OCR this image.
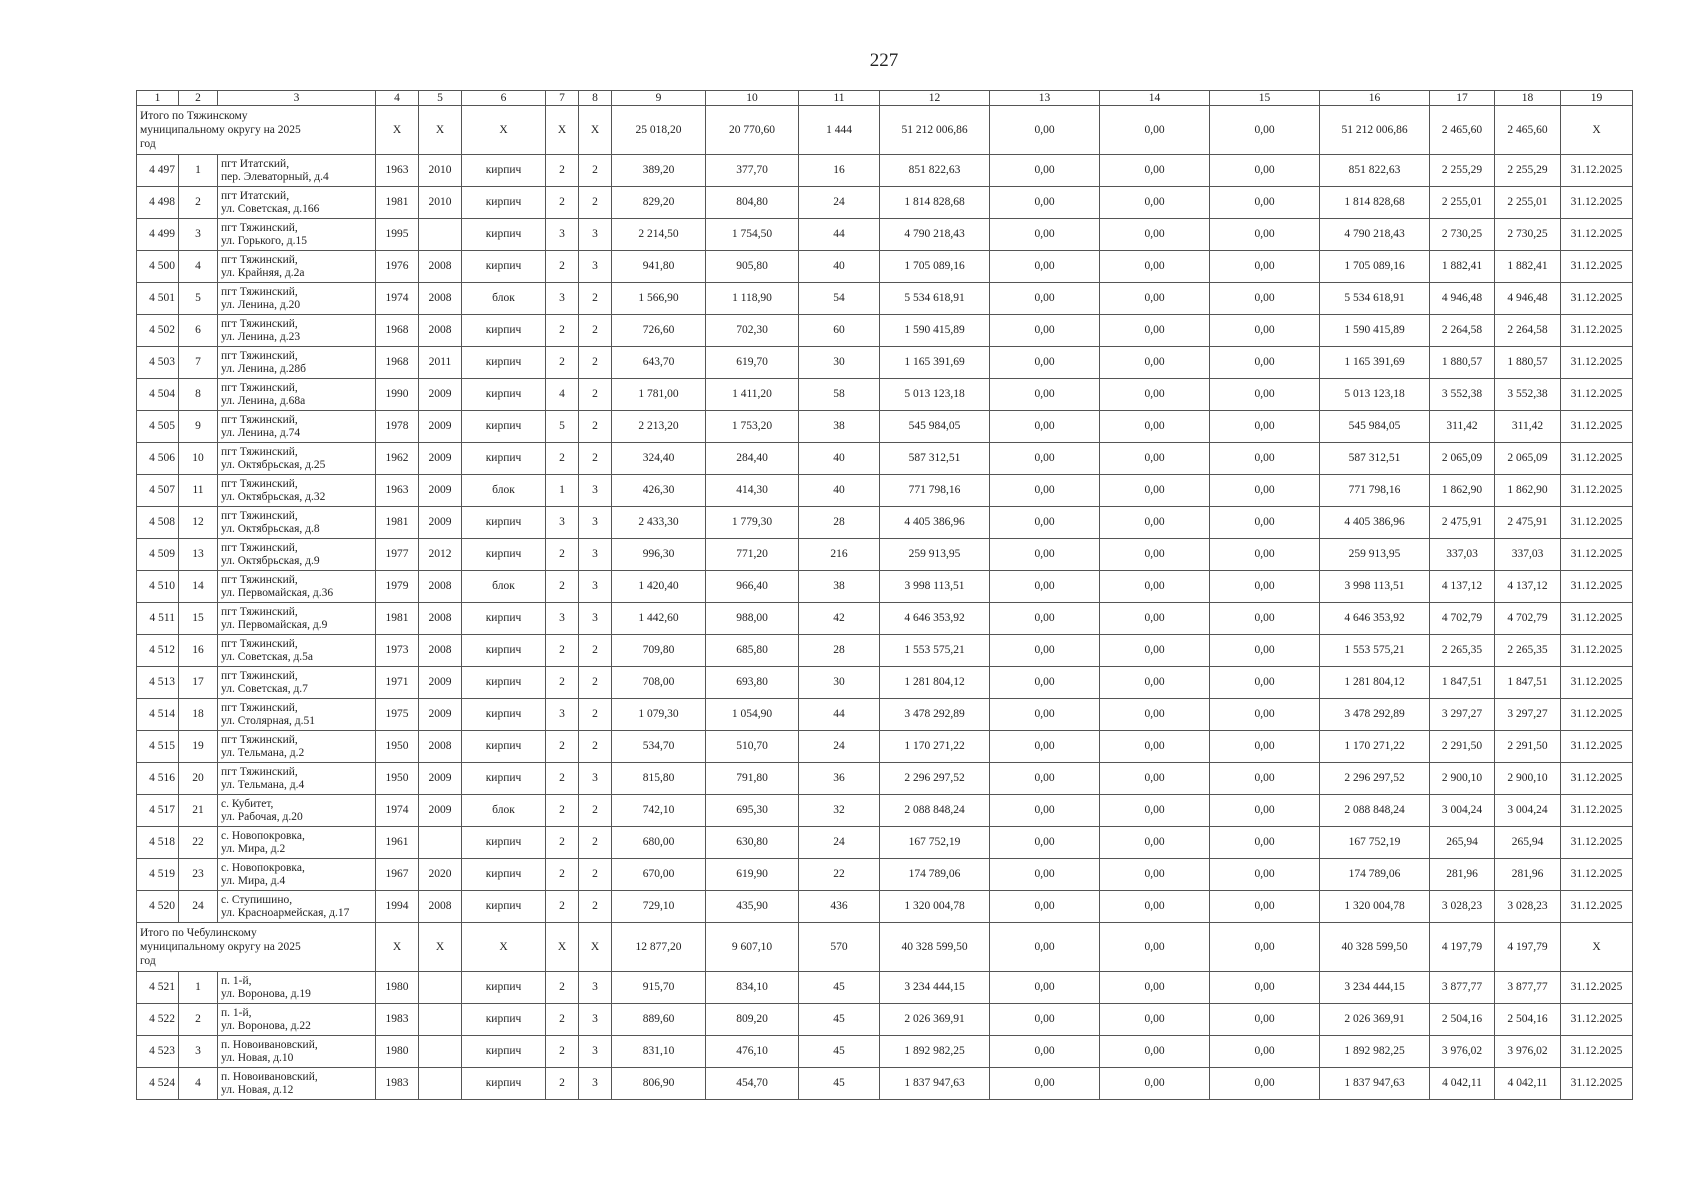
227
1	2	3	4	5	6	7	8	9	10	11	12	13	14	15	16	17	18	19

Итого по Тяжинскому
муниципальному округу на 2025
год			X	X	X	X	X	25 018,20	20 770,60	1 444	51 212 006,86	0,00	0,00	0,00	51 212 006,86	2 465,60	2 465,60	X
4 497	1	пгт Итатский,
пер. Элеваторный, д.4	1963	2010	кирпич	2	2	389,20	377,70	16	851 822,63	0,00	0,00	0,00	851 822,63	2 255,29	2 255,29	31.12.2025
4 498	2	пгт Итатский,
ул. Советская, д.166	1981	2010	кирпич	2	2	829,20	804,80	24	1 814 828,68	0,00	0,00	0,00	1 814 828,68	2 255,01	2 255,01	31.12.2025
4 499	3	пгт Тяжинский,
ул. Горького, д.15	1995		кирпич	3	3	2 214,50	1 754,50	44	4 790 218,43	0,00	0,00	0,00	4 790 218,43	2 730,25	2 730,25	31.12.2025
4 500	4	пгт Тяжинский,
ул. Крайняя, д.2а	1976	2008	кирпич	2	3	941,80	905,80	40	1 705 089,16	0,00	0,00	0,00	1 705 089,16	1 882,41	1 882,41	31.12.2025
4 501	5	пгт Тяжинский,
ул. Ленина, д.20	1974	2008	блок	3	2	1 566,90	1 118,90	54	5 534 618,91	0,00	0,00	0,00	5 534 618,91	4 946,48	4 946,48	31.12.2025
4 502	6	пгт Тяжинский,
ул. Ленина, д.23	1968	2008	кирпич	2	2	726,60	702,30	60	1 590 415,89	0,00	0,00	0,00	1 590 415,89	2 264,58	2 264,58	31.12.2025
4 503	7	пгт Тяжинский,
ул. Ленина, д.28б	1968	2011	кирпич	2	2	643,70	619,70	30	1 165 391,69	0,00	0,00	0,00	1 165 391,69	1 880,57	1 880,57	31.12.2025
4 504	8	пгт Тяжинский,
ул. Ленина, д.68а	1990	2009	кирпич	4	2	1 781,00	1 411,20	58	5 013 123,18	0,00	0,00	0,00	5 013 123,18	3 552,38	3 552,38	31.12.2025
4 505	9	пгт Тяжинский,
ул. Ленина, д.74	1978	2009	кирпич	5	2	2 213,20	1 753,20	38	545 984,05	0,00	0,00	0,00	545 984,05	311,42	311,42	31.12.2025
4 506	10	пгт Тяжинский,
ул. Октябрьская, д.25	1962	2009	кирпич	2	2	324,40	284,40	40	587 312,51	0,00	0,00	0,00	587 312,51	2 065,09	2 065,09	31.12.2025
4 507	11	пгт Тяжинский,
ул. Октябрьская, д.32	1963	2009	блок	1	3	426,30	414,30	40	771 798,16	0,00	0,00	0,00	771 798,16	1 862,90	1 862,90	31.12.2025
4 508	12	пгт Тяжинский,
ул. Октябрьская, д.8	1981	2009	кирпич	3	3	2 433,30	1 779,30	28	4 405 386,96	0,00	0,00	0,00	4 405 386,96	2 475,91	2 475,91	31.12.2025
4 509	13	пгт Тяжинский,
ул. Октябрьская, д.9	1977	2012	кирпич	2	3	996,30	771,20	216	259 913,95	0,00	0,00	0,00	259 913,95	337,03	337,03	31.12.2025
4 510	14	пгт Тяжинский,
ул. Первомайская, д.36	1979	2008	блок	2	3	1 420,40	966,40	38	3 998 113,51	0,00	0,00	0,00	3 998 113,51	4 137,12	4 137,12	31.12.2025
4 511	15	пгт Тяжинский,
ул. Первомайская, д.9	1981	2008	кирпич	3	3	1 442,60	988,00	42	4 646 353,92	0,00	0,00	0,00	4 646 353,92	4 702,79	4 702,79	31.12.2025
4 512	16	пгт Тяжинский,
ул. Советская, д.5а	1973	2008	кирпич	2	2	709,80	685,80	28	1 553 575,21	0,00	0,00	0,00	1 553 575,21	2 265,35	2 265,35	31.12.2025
4 513	17	пгт Тяжинский,
ул. Советская, д.7	1971	2009	кирпич	2	2	708,00	693,80	30	1 281 804,12	0,00	0,00	0,00	1 281 804,12	1 847,51	1 847,51	31.12.2025
4 514	18	пгт Тяжинский,
ул. Столярная, д.51	1975	2009	кирпич	3	2	1 079,30	1 054,90	44	3 478 292,89	0,00	0,00	0,00	3 478 292,89	3 297,27	3 297,27	31.12.2025
4 515	19	пгт Тяжинский,
ул. Тельмана, д.2	1950	2008	кирпич	2	2	534,70	510,70	24	1 170 271,22	0,00	0,00	0,00	1 170 271,22	2 291,50	2 291,50	31.12.2025
4 516	20	пгт Тяжинский,
ул. Тельмана, д.4	1950	2009	кирпич	2	3	815,80	791,80	36	2 296 297,52	0,00	0,00	0,00	2 296 297,52	2 900,10	2 900,10	31.12.2025
4 517	21	с. Кубитет,
ул. Рабочая, д.20	1974	2009	блок	2	2	742,10	695,30	32	2 088 848,24	0,00	0,00	0,00	2 088 848,24	3 004,24	3 004,24	31.12.2025
4 518	22	с. Новопокровка,
ул. Мира, д.2	1961		кирпич	2	2	680,00	630,80	24	167 752,19	0,00	0,00	0,00	167 752,19	265,94	265,94	31.12.2025
4 519	23	с. Новопокровка,
ул. Мира, д.4	1967	2020	кирпич	2	2	670,00	619,90	22	174 789,06	0,00	0,00	0,00	174 789,06	281,96	281,96	31.12.2025
4 520	24	с. Ступишино,
ул. Красноармейская, д.17	1994	2008	кирпич	2	2	729,10	435,90	436	1 320 004,78	0,00	0,00	0,00	1 320 004,78	3 028,23	3 028,23	31.12.2025

Итого по Чебулинскому
муниципальному округу на 2025
год			X	X	X	X	X	12 877,20	9 607,10	570	40 328 599,50	0,00	0,00	0,00	40 328 599,50	4 197,79	4 197,79	X
4 521	1	п. 1-й,
ул. Воронова, д.19	1980		кирпич	2	3	915,70	834,10	45	3 234 444,15	0,00	0,00	0,00	3 234 444,15	3 877,77	3 877,77	31.12.2025
4 522	2	п. 1-й,
ул. Воронова, д.22	1983		кирпич	2	3	889,60	809,20	45	2 026 369,91	0,00	0,00	0,00	2 026 369,91	2 504,16	2 504,16	31.12.2025
4 523	3	п. Новоивановский,
ул. Новая, д.10	1980		кирпич	2	3	831,10	476,10	45	1 892 982,25	0,00	0,00	0,00	1 892 982,25	3 976,02	3 976,02	31.12.2025
4 524	4	п. Новоивановский,
ул. Новая, д.12	1983		кирпич	2	3	806,90	454,70	45	1 837 947,63	0,00	0,00	0,00	1 837 947,63	4 042,11	4 042,11	31.12.2025
